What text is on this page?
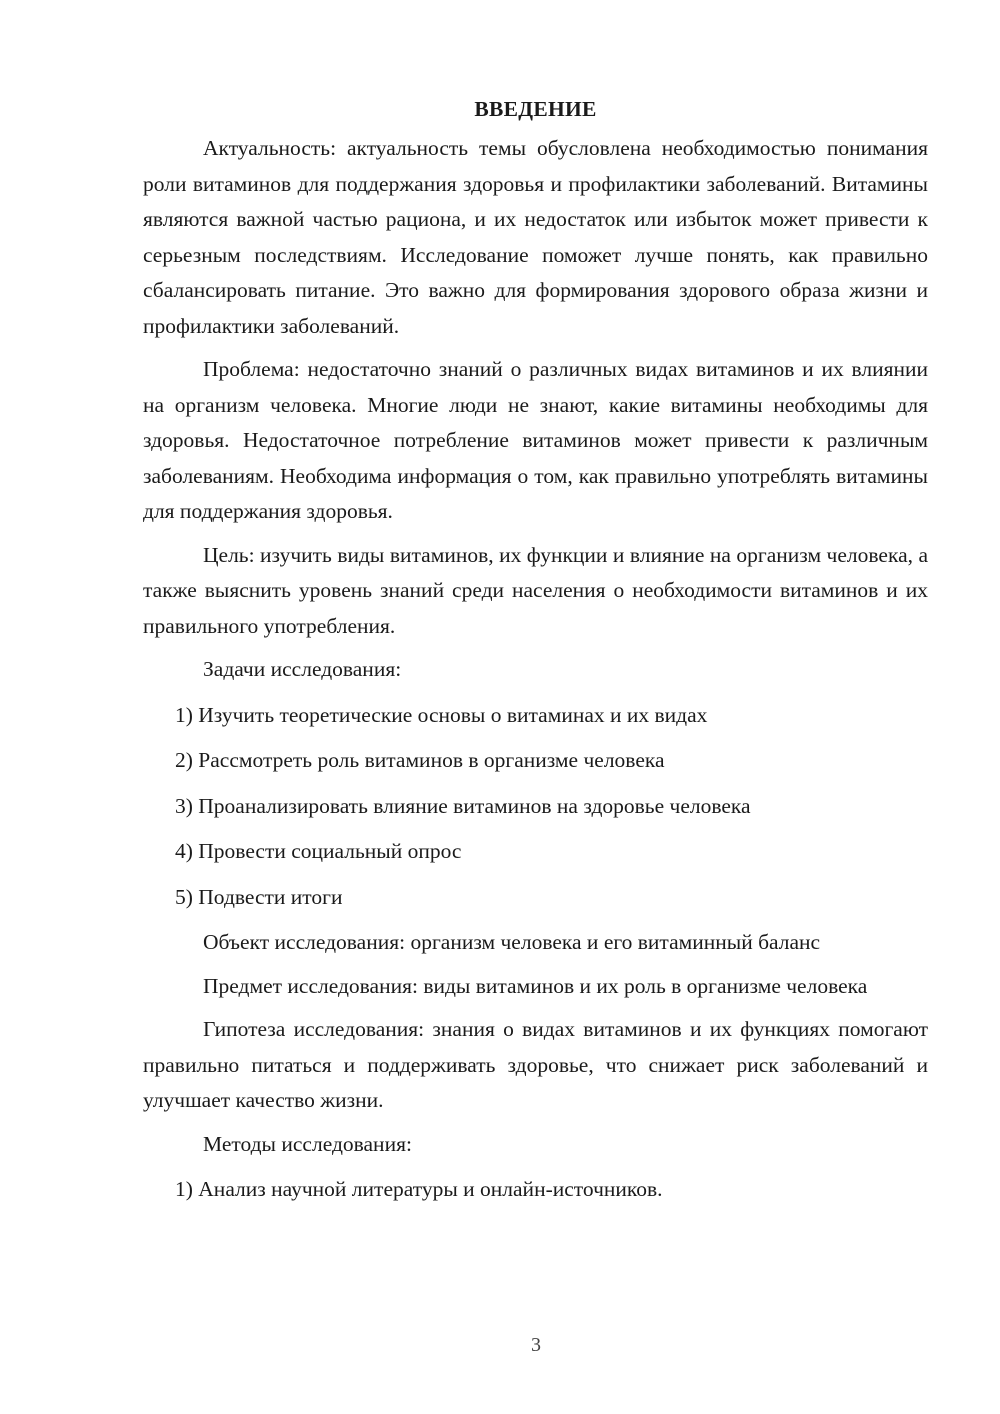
ВВЕДЕНИЕ

Актуальность: актуальность темы обусловлена необходимостью понимания роли витаминов для поддержания здоровья и профилактики заболеваний. Витамины являются важной частью рациона, и их недостаток или избыток может привести к серьезным последствиям. Исследование поможет лучше понять, как правильно сбалансировать питание. Это важно для формирования здорового образа жизни и профилактики заболеваний.

Проблема: недостаточно знаний о различных видах витаминов и их влиянии на организм человека. Многие люди не знают, какие витамины необходимы для здоровья. Недостаточное потребление витаминов может привести к различным заболеваниям. Необходима информация о том, как правильно употреблять витамины для поддержания здоровья.

Цель: изучить виды витаминов, их функции и влияние на организм человека, а также выяснить уровень знаний среди населения о необходимости витаминов и их правильного употребления.

Задачи исследования:

1) Изучить теоретические основы о витаминах и их видах
2) Рассмотреть роль витаминов в организме человека
3) Проанализировать влияние витаминов на здоровье человека
4) Провести социальный опрос
5) Подвести итоги

Объект исследования: организм человека и его витаминный баланс

Предмет исследования: виды витаминов и их роль в организме человека

Гипотеза исследования: знания о видах витаминов и их функциях помогают правильно питаться и поддерживать здоровье, что снижает риск заболеваний и улучшает качество жизни.

Методы исследования:

1) Анализ научной литературы и онлайн-источников.
3
